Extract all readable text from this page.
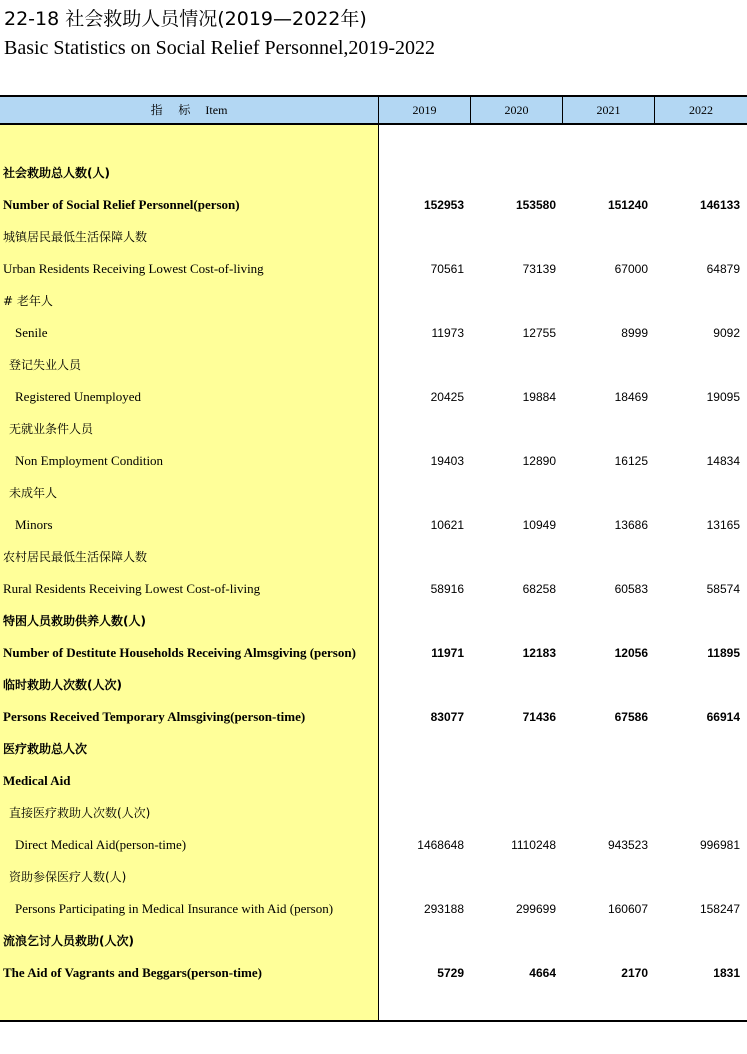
22-18 社会救助人员情况(2019—2022年)
Basic Statistics on Social Relief Personnel,2019-2022
指 标 Item	2019	2020	2021	2022
社会救助总人数(人)
Number of Social Relief Personnel(person)	152953	153580	151240	146133
城镇居民最低生活保障人数
Urban Residents Receiving Lowest Cost-of-living	70561	73139	67000	64879
# 老年人
Senile	11973	12755	8999	9092
登记失业人员
Registered Unemployed	20425	19884	18469	19095
无就业条件人员
Non Employment Condition	19403	12890	16125	14834
未成年人
Minors	10621	10949	13686	13165
农村居民最低生活保障人数
Rural Residents Receiving Lowest Cost-of-living	58916	68258	60583	58574
特困人员救助供养人数(人)
Number of Destitute Households Receiving Almsgiving (person)	11971	12183	12056	11895
临时救助人次数(人次)
Persons Received Temporary Almsgiving(person-time)	83077	71436	67586	66914
医疗救助总人次
Medical Aid
直接医疗救助人次数(人次)
Direct Medical Aid(person-time)	1468648	1110248	943523	996981
资助参保医疗人数(人)
Persons Participating in Medical Insurance with Aid (person)	293188	299699	160607	158247
流浪乞讨人员救助(人次)
The Aid of Vagrants and Beggars(person-time)	5729	4664	2170	1831
